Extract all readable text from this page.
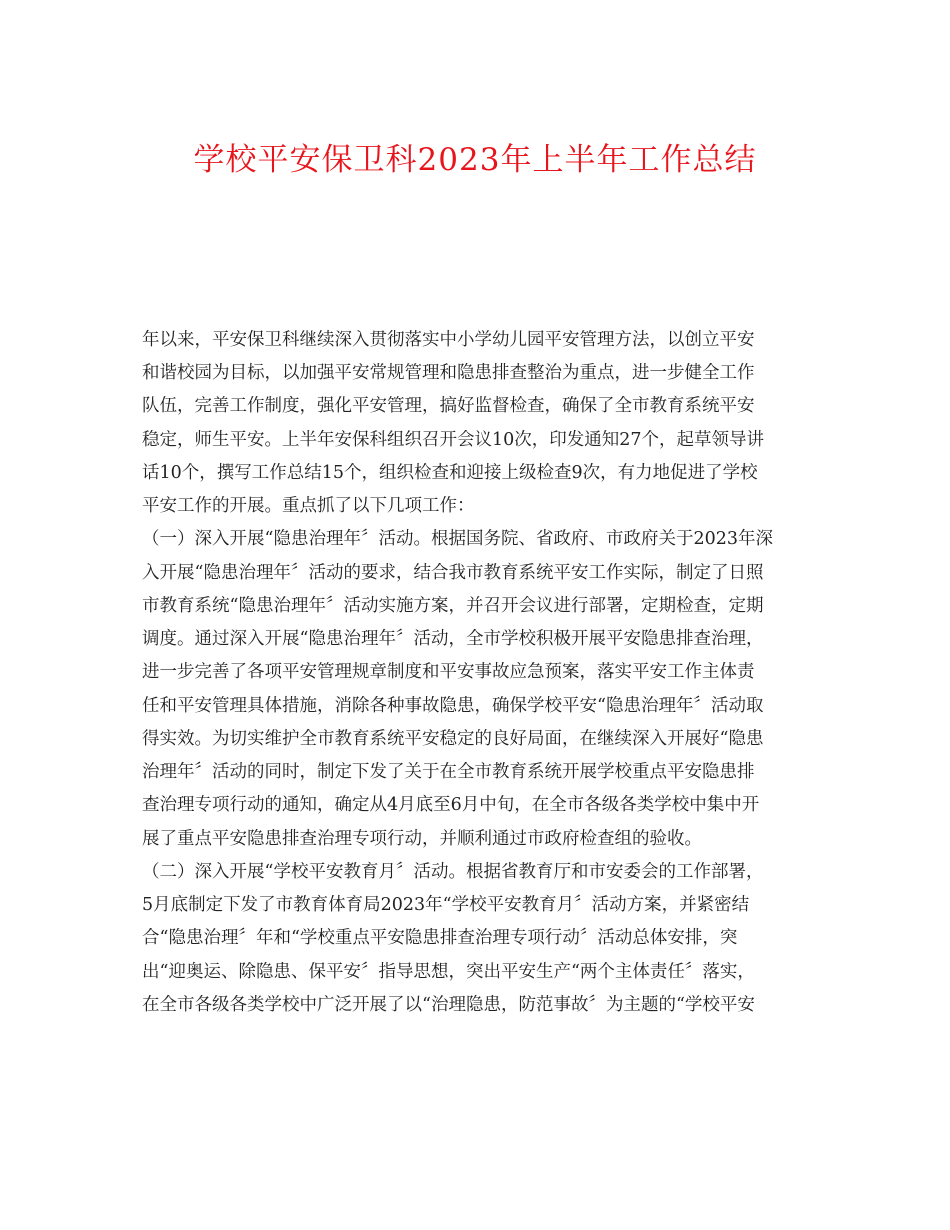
学校平安保卫科2023年上半年工作总结
年以来，平安保卫科继续深入贯彻落实中小学幼儿园平安管理方法，以创立平安
和谐校园为目标，以加强平安常规管理和隐患排查整治为重点，进一步健全工作
队伍，完善工作制度，强化平安管理，搞好监督检查，确保了全市教育系统平安
稳定，师生平安。上半年安保科组织召开会议10次，印发通知27个，起草领导讲
话10个，撰写工作总结15个，组织检查和迎接上级检查9次，有力地促进了学校
平安工作的开展。重点抓了以下几项工作：
（一）深入开展“隐患治理年〞活动。根据国务院、省政府、市政府关于2023年深
入开展“隐患治理年〞活动的要求，结合我市教育系统平安工作实际，制定了日照
市教育系统“隐患治理年〞活动实施方案，并召开会议进行部署，定期检查，定期
调度。通过深入开展“隐患治理年〞活动，全市学校积极开展平安隐患排查治理，
进一步完善了各项平安管理规章制度和平安事故应急预案，落实平安工作主体责
任和平安管理具体措施，消除各种事故隐患，确保学校平安“隐患治理年〞活动取
得实效。为切实维护全市教育系统平安稳定的良好局面，在继续深入开展好“隐患
治理年〞活动的同时，制定下发了关于在全市教育系统开展学校重点平安隐患排
查治理专项行动的通知，确定从4月底至6月中旬，在全市各级各类学校中集中开
展了重点平安隐患排查治理专项行动，并顺利通过市政府检查组的验收。
（二）深入开展“学校平安教育月〞活动。根据省教育厅和市安委会的工作部署，
5月底制定下发了市教育体育局2023年“学校平安教育月〞活动方案，并紧密结
合“隐患治理〞年和“学校重点平安隐患排查治理专项行动〞活动总体安排，突
出“迎奥运、除隐患、保平安〞指导思想，突出平安生产“两个主体责任〞落实，
在全市各级各类学校中广泛开展了以“治理隐患，防范事故〞为主题的“学校平安
